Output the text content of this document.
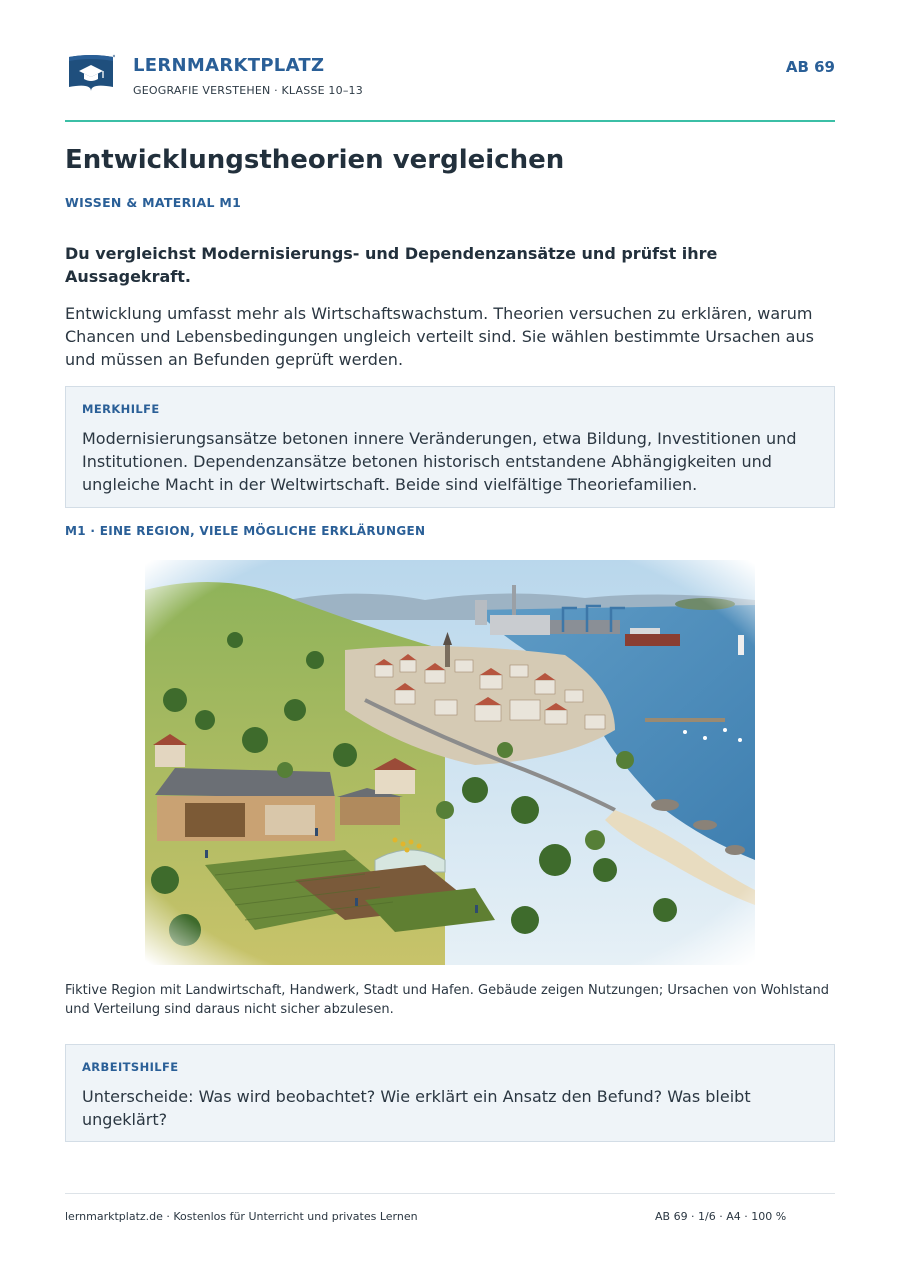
LERNMARKTPLATZ
GEOGRAFIE VERSTEHEN · KLASSE 10–13
AB 69
Entwicklungstheorien vergleichen
WISSEN & MATERIAL M1
Du vergleichst Modernisierungs- und Dependenzansätze und prüfst ihre Aussagekraft.
Entwicklung umfasst mehr als Wirtschaftswachstum. Theorien versuchen zu erklären, warum Chancen und Lebensbedingungen ungleich verteilt sind. Sie wählen bestimmte Ursachen aus und müssen an Befunden geprüft werden.
MERKHILFE
Modernisierungsansätze betonen innere Veränderungen, etwa Bildung, Investitionen und Institutionen. Dependenzansätze betonen historisch entstandene Abhängigkeiten und ungleiche Macht in der Weltwirtschaft. Beide sind vielfältige Theoriefamilien.
M1 · EINE REGION, VIELE MÖGLICHE ERKLÄRUNGEN
Fiktive Region mit Landwirtschaft, Handwerk, Stadt und Hafen. Gebäude zeigen Nutzungen; Ursachen von Wohlstand und Verteilung sind daraus nicht sicher abzulesen.
ARBEITSHILFE
Unterscheide: Was wird beobachtet? Wie erklärt ein Ansatz den Befund? Was bleibt ungeklärt?
lernmarktplatz.de · Kostenlos für Unterricht und privates Lernen	AB 69 · 1/6 · A4 · 100 %
